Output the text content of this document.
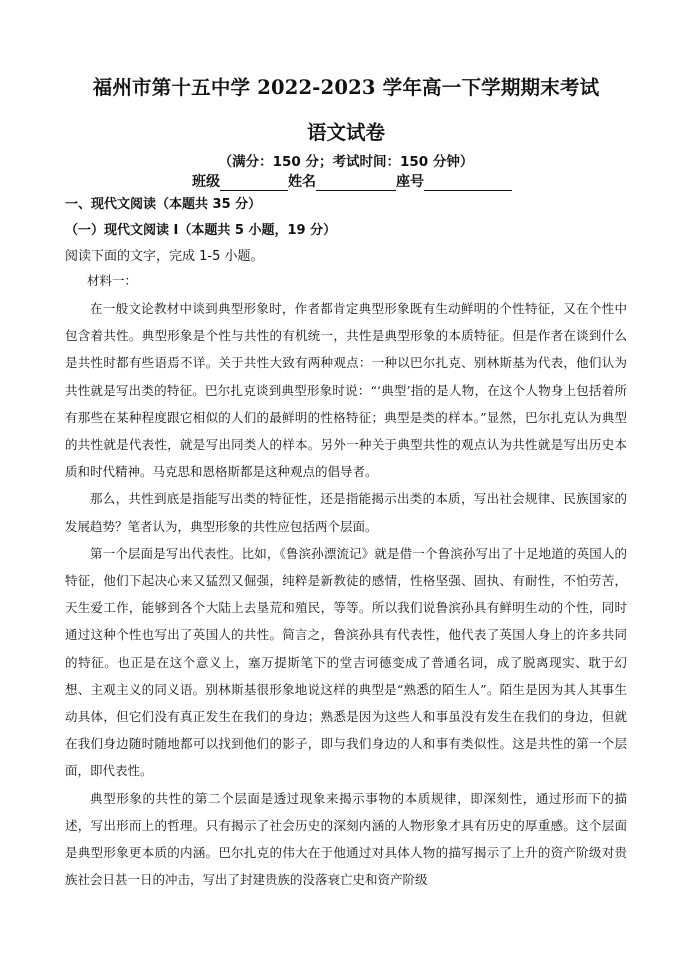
福州市第十五中学 2022-2023 学年高一下学期期末考试
语文试卷
（满分：150 分；考试时间：150 分钟）
班级	姓名	座号
一、现代文阅读（本题共 35 分）
（一）现代文阅读 I（本题共 5 小题，19 分）
阅读下面的文字，完成 1-5 小题。
材料一：

在一般文论教材中谈到典型形象时，作者都肯定典型形象既有生动鲜明的个性特征，又在个性中包含着共性。典型形象是个性与共性的有机统一，共性是典型形象的本质特征。但是作者在谈到什么是共性时都有些语焉不详。关于共性大致有两种观点：一种以巴尔扎克、别林斯基为代表，他们认为共性就是写出类的特征。巴尔扎克谈到典型形象时说：“‘典型’指的是人物，在这个人物身上包括着所有那些在某种程度跟它相似的人们的最鲜明的性格特征；典型是类的样本。”显然，巴尔扎克认为典型的共性就是代表性，就是写出同类人的样本。另外一种关于典型共性的观点认为共性就是写出历史本质和时代精神。马克思和恩格斯都是这种观点的倡导者。

那么，共性到底是指能写出类的特征性，还是指能揭示出类的本质，写出社会规律、民族国家的发展趋势？笔者认为，典型形象的共性应包括两个层面。

第一个层面是写出代表性。比如，《鲁滨孙漂流记》就是借一个鲁滨孙写出了十足地道的英国人的特征，他们下起决心来又猛烈又倔强，纯粹是新教徒的感情，性格坚强、固执、有耐性，不怕劳苦，天生爱工作，能够到各个大陆上去垦荒和殖民，等等。所以我们说鲁滨孙具有鲜明生动的个性，同时通过这种个性也写出了英国人的共性。简言之，鲁滨孙具有代表性，他代表了英国人身上的许多共同的特征。也正是在这个意义上，塞万提斯笔下的堂吉诃德变成了普通名词，成了脱离现实、耽于幻想、主观主义的同义语。别林斯基很形象地说这样的典型是“熟悉的陌生人”。陌生是因为其人其事生动具体，但它们没有真正发生在我们的身边；熟悉是因为这些人和事虽没有发生在我们的身边，但就在我们身边随时随地都可以找到他们的影子，即与我们身边的人和事有类似性。这是共性的第一个层面，即代表性。

典型形象的共性的第二个层面是透过现象来揭示事物的本质规律，即深刻性，通过形而下的描述，写出形而上的哲理。只有揭示了社会历史的深刻内涵的人物形象才具有历史的厚重感。这个层面是典型形象更本质的内涵。巴尔扎克的伟大在于他通过对具体人物的描写揭示了上升的资产阶级对贵族社会日甚一日的冲击，写出了封建贵族的没落衰亡史和资产阶级
